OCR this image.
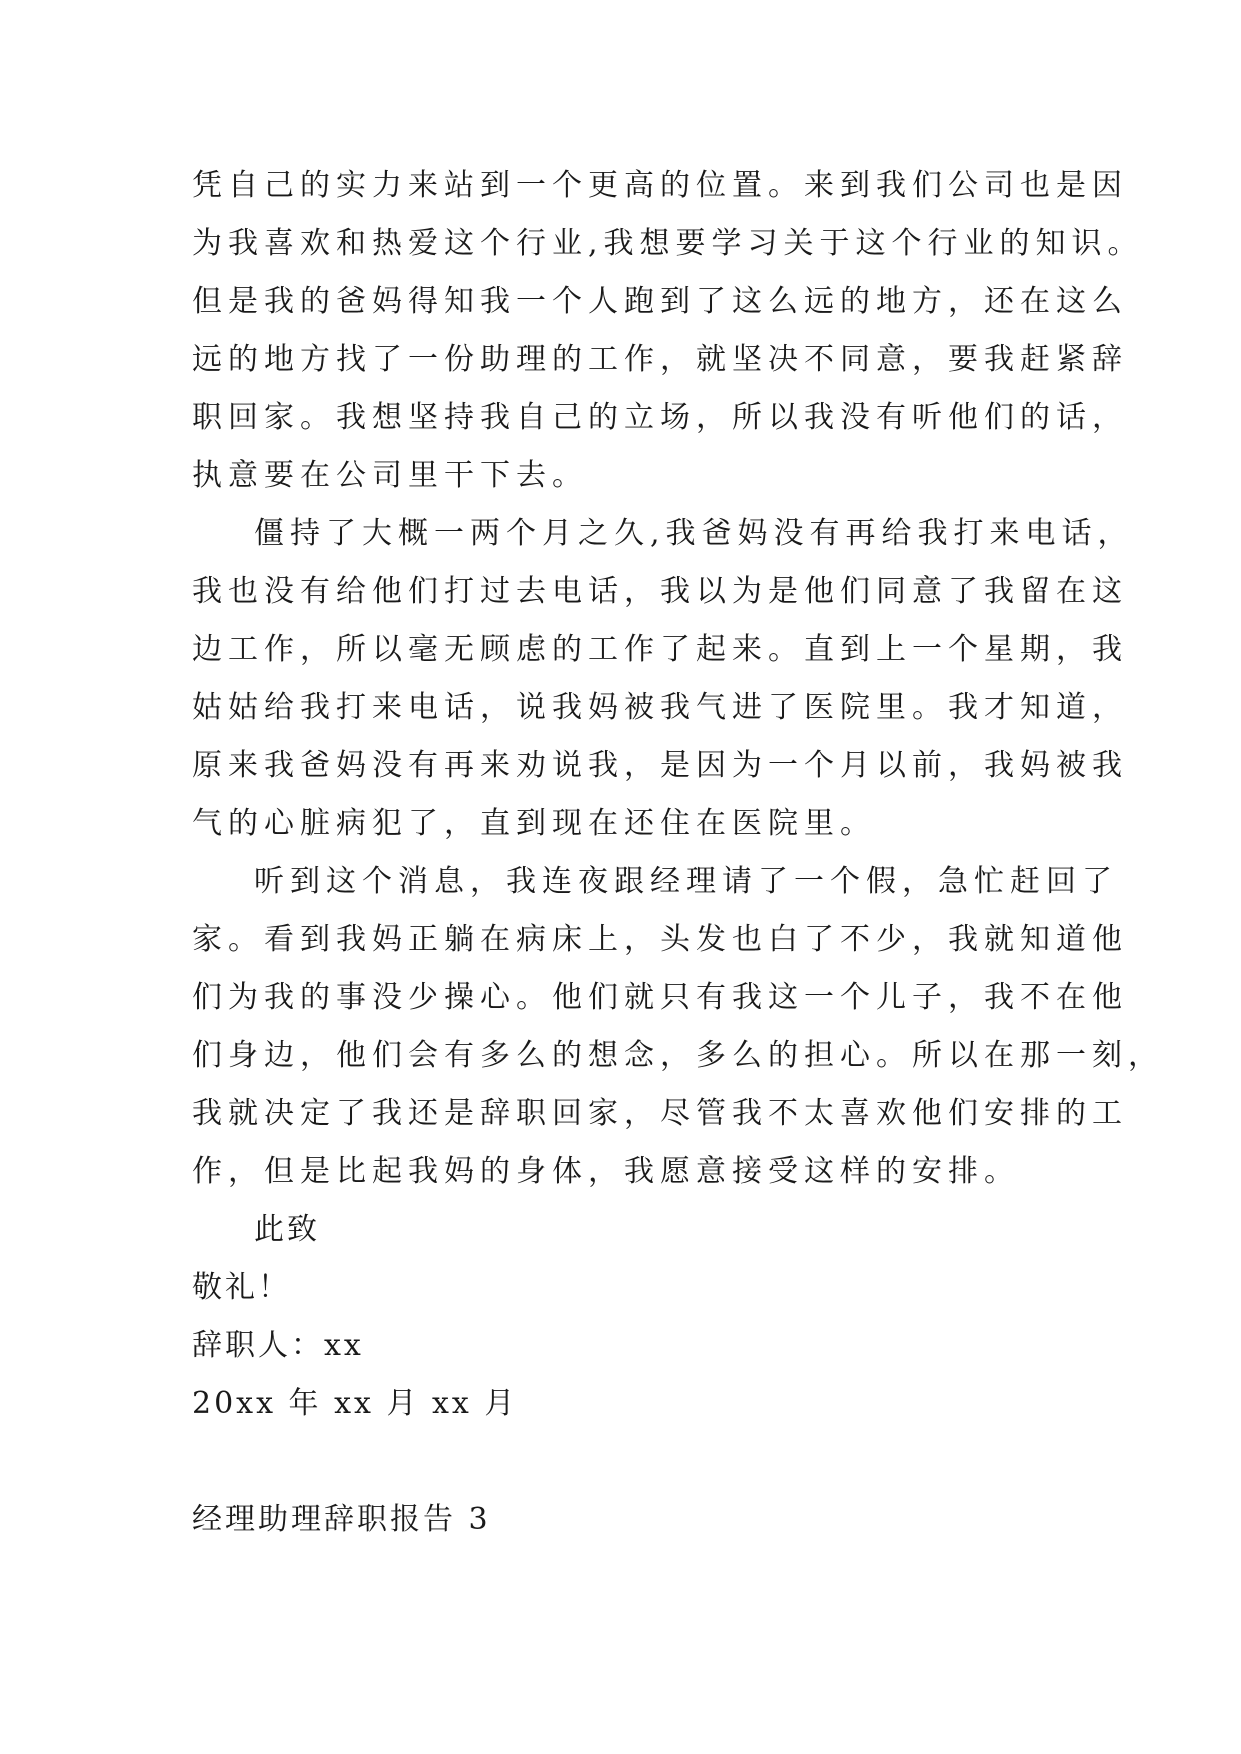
凭自己的实力来站到一个更高的位置。来到我们公司也是因
为我喜欢和热爱这个行业,我想要学习关于这个行业的知识。
但是我的爸妈得知我一个人跑到了这么远的地方，还在这么
远的地方找了一份助理的工作，就坚决不同意，要我赶紧辞
职回家。我想坚持我自己的立场，所以我没有听他们的话，
执意要在公司里干下去。
僵持了大概一两个月之久,我爸妈没有再给我打来电话，
我也没有给他们打过去电话，我以为是他们同意了我留在这
边工作，所以毫无顾虑的工作了起来。直到上一个星期，我
姑姑给我打来电话，说我妈被我气进了医院里。我才知道，
原来我爸妈没有再来劝说我，是因为一个月以前，我妈被我
气的心脏病犯了，直到现在还住在医院里。
听到这个消息，我连夜跟经理请了一个假，急忙赶回了
家。看到我妈正躺在病床上，头发也白了不少，我就知道他
们为我的事没少操心。他们就只有我这一个儿子，我不在他
们身边，他们会有多么的想念，多么的担心。所以在那一刻，
我就决定了我还是辞职回家，尽管我不太喜欢他们安排的工
作，但是比起我妈的身体，我愿意接受这样的安排。
此致
敬礼！
辞职人：xx
20xx 年 xx 月 xx 月
经理助理辞职报告 3
